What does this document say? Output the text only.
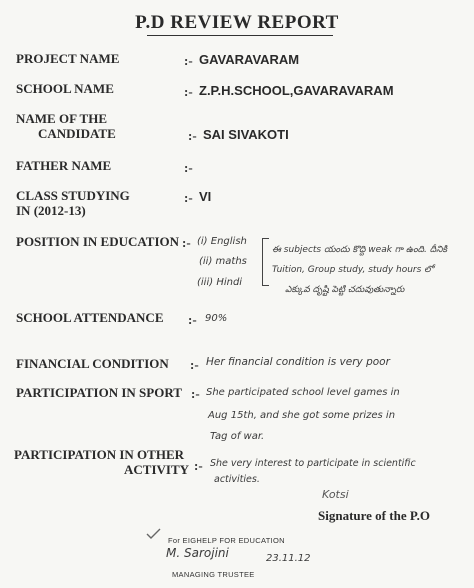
P.D REVIEW REPORT
PROJECT NAME	:- GAVARAVARAM
SCHOOL NAME	:- Z.P.H.SCHOOL,GAVARAVARAM
NAME OF THE
CANDIDATE	:- SAI SIVAKOTI
FATHER NAME	:-
CLASS STUDYING
IN (2012-13)
:- VI
POSITION IN EDUCATION :- (i) English
(ii) maths
(iii) Hindi
ఈ subjects యందు కొద్ది weak గా ఉంది. దీనికి
Tuition, Group study, study hours లో
ఎక్కువ దృష్టి పెట్టి చదువుతున్నారు
SCHOOL ATTENDANCE :- 90%
FINANCIAL CONDITION :- Her financial condition is very poor
PARTICIPATION IN SPORT :- She participated school level games in
Aug 15th, and she got some prizes in
Tag of war.
PARTICIPATION IN OTHER
ACTIVITY :- She very interest to participate in scientific
activities.
Kotsi
Signature of the P.O
For EIGHELP FOR EDUCATION
M. Sarojini	23.11.12
MANAGING TRUSTEE
